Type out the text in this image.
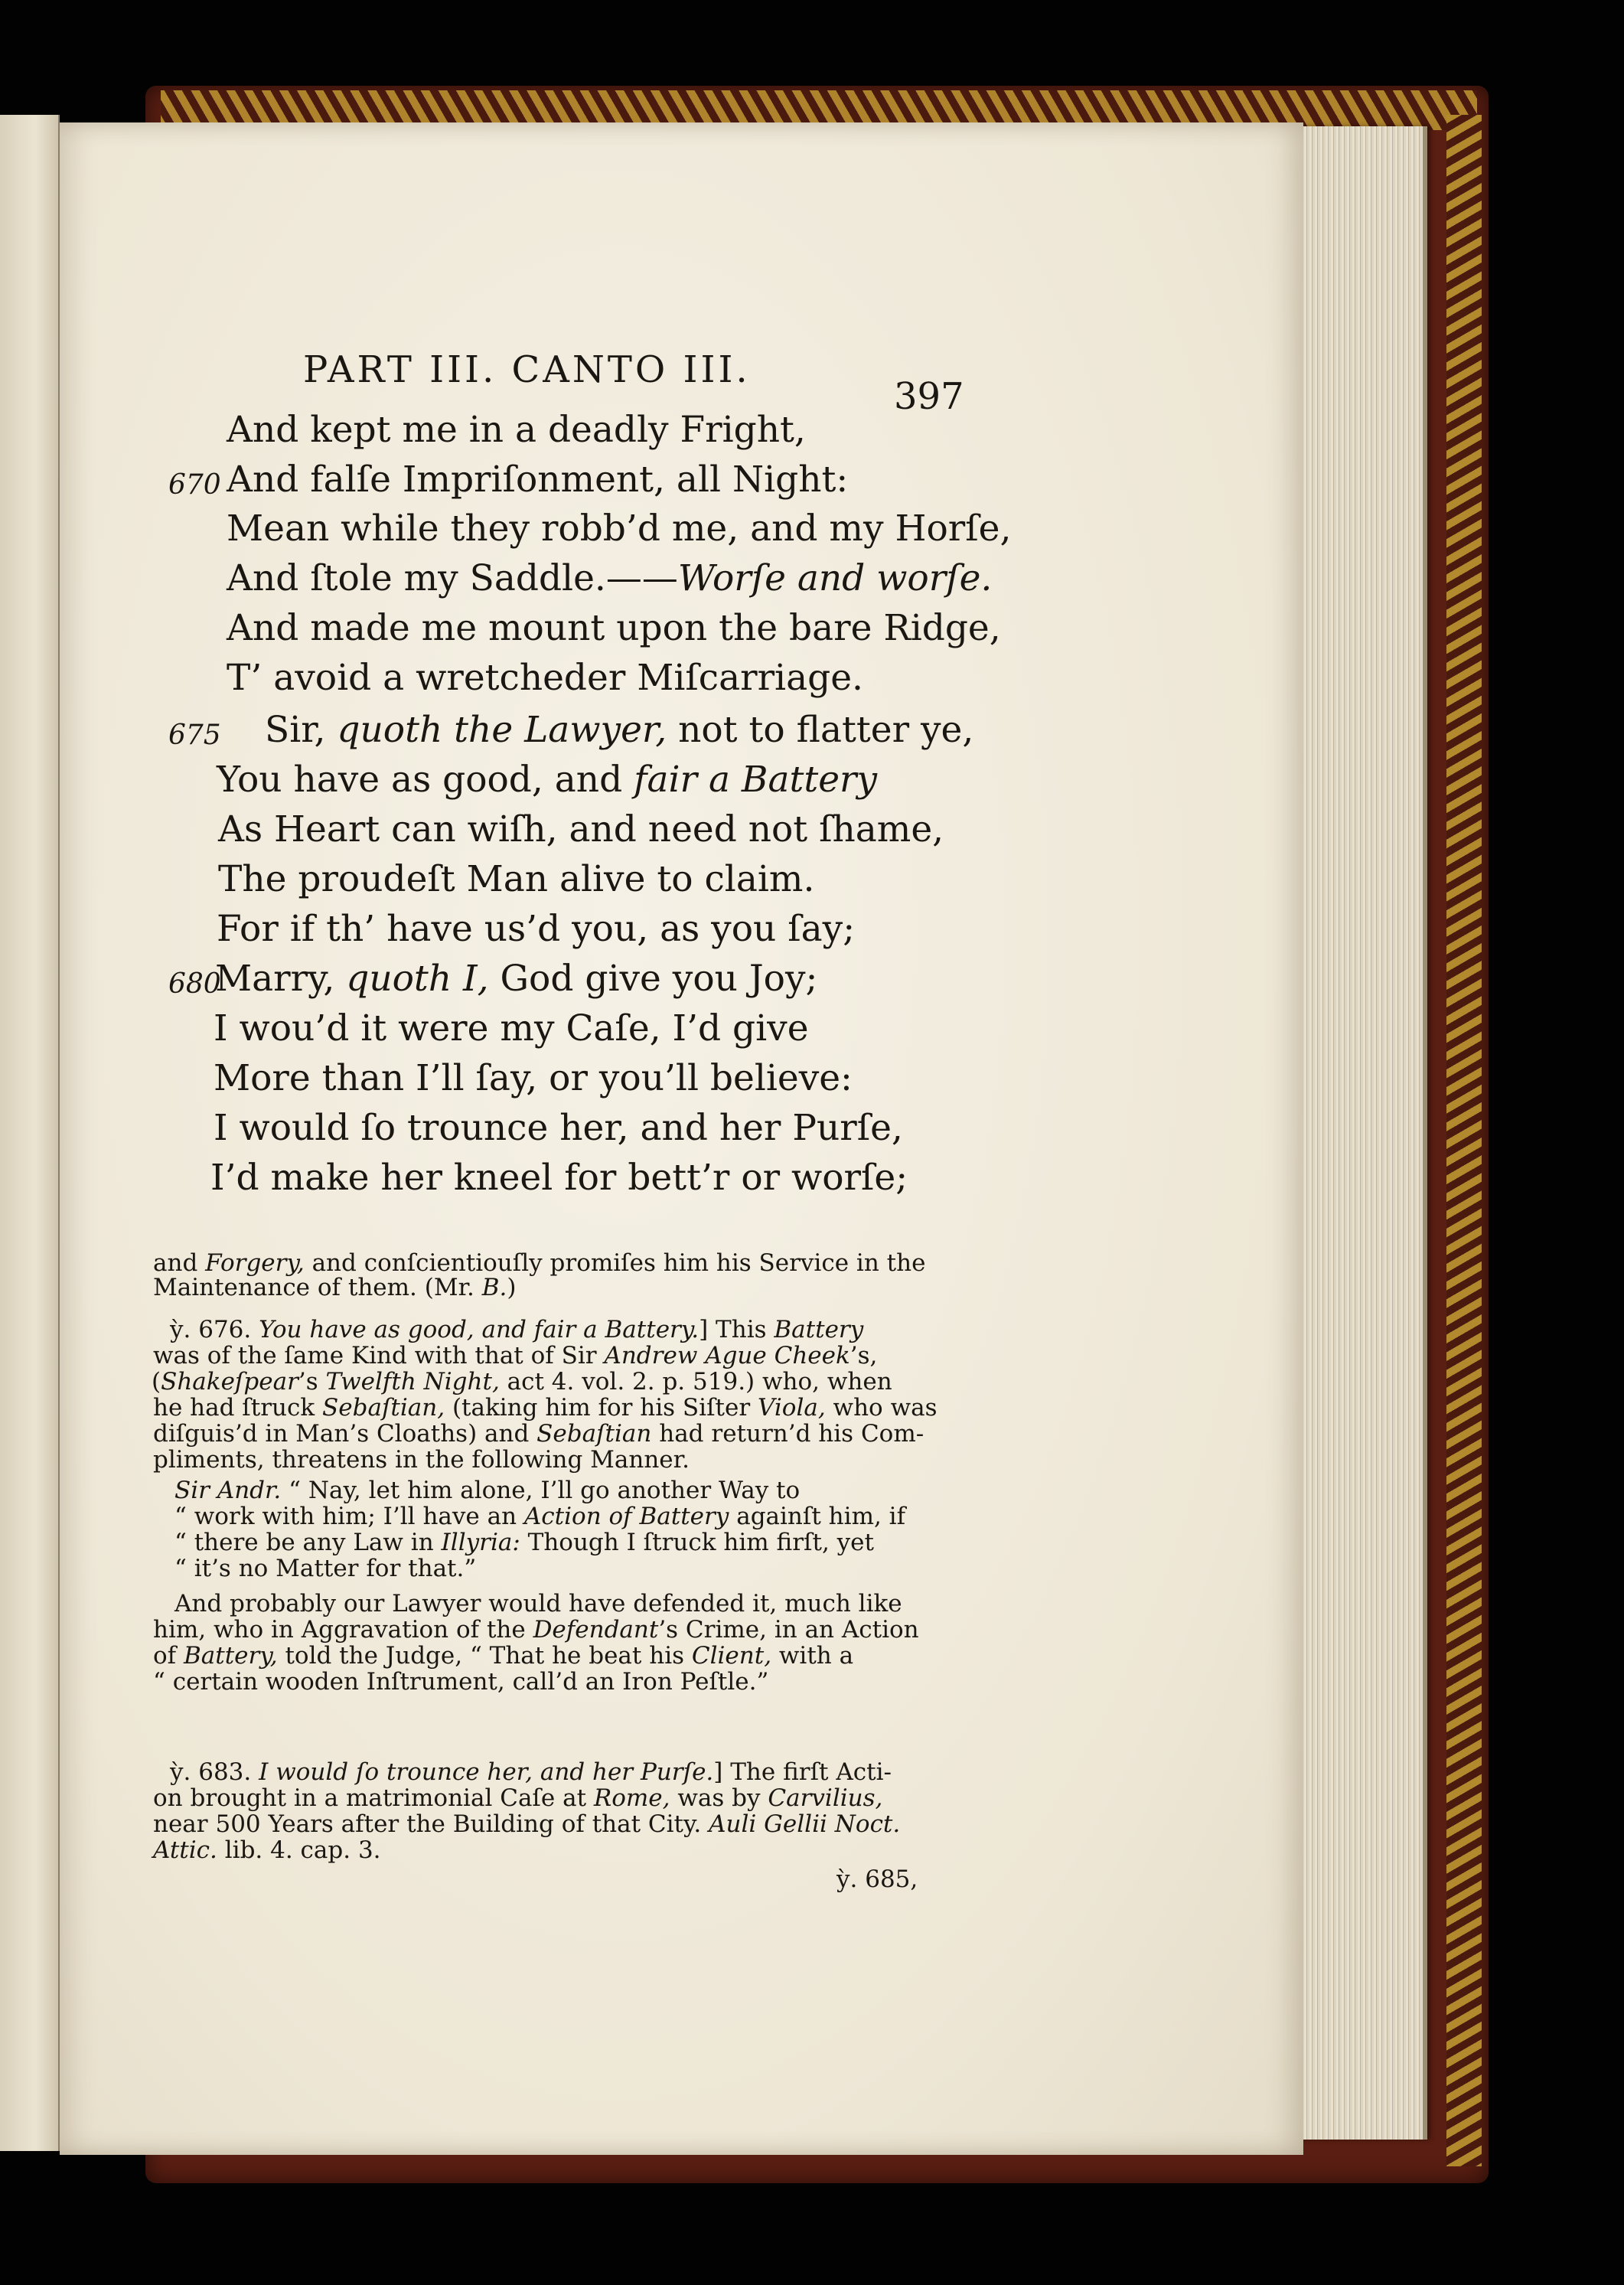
PART III. CANTO III.
397
And kept me in a deadly Fright,
And falſe Impriſonment, all Night:
670
Mean while they robb’d me, and my Horſe,
And ſtole my Saddle.——Worſe and worſe.
And made me mount upon the bare Ridge,
T’ avoid a wretcheder Miſcarriage.
Sir, quoth the Lawyer, not to flatter ye,
675
You have as good, and fair a Battery
As Heart can wiſh, and need not ſhame,
The proudeſt Man alive to claim.
For if th’ have us’d you, as you ſay;
Marry, quoth I, God give you Joy;
680
I wou’d it were my Caſe, I’d give
More than I’ll ſay, or you’ll believe:
I would ſo trounce her, and her Purſe,
I’d make her kneel for bett’r or worſe;
and Forgery, and conſcientiouſly promiſes him his Service in the
Maintenance of them. (Mr. B.)
ỳ. 676. You have as good, and fair a Battery.] This Battery
was of the ſame Kind with that of Sir Andrew Ague Cheek’s,
(Shakeſpear’s Twelfth Night, act 4. vol. 2. p. 519.) who, when
he had ſtruck Sebaſtian, (taking him for his Siſter Viola, who was
diſguis’d in Man’s Cloaths) and Sebaſtian had return’d his Com-
pliments, threatens in the following Manner.
Sir Andr. “ Nay, let him alone, I’ll go another Way to
“ work with him; I’ll have an Action of Battery againſt him, if
“ there be any Law in Illyria: Though I ſtruck him firſt, yet
“ it’s no Matter for that.”
And probably our Lawyer would have defended it, much like
him, who in Aggravation of the Defendant’s Crime, in an Action
of Battery, told the Judge, “ That he beat his Client, with a
“ certain wooden Inſtrument, call’d an Iron Peſtle.”
ỳ. 683. I would ſo trounce her, and her Purſe.] The firſt Acti-
on brought in a matrimonial Caſe at Rome, was by Carvilius,
near 500 Years after the Building of that City. Auli Gellii Noct.
Attic. lib. 4. cap. 3.
ỳ. 685,
